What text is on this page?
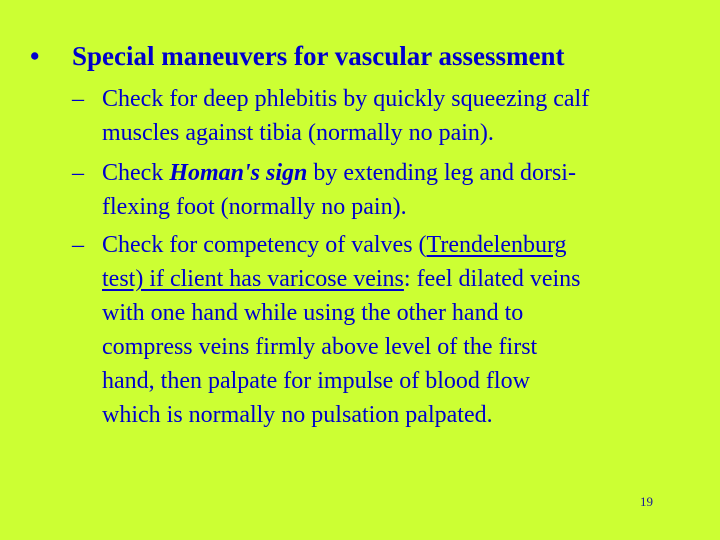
• Special maneuvers for vascular assessment
– Check for deep phlebitis by quickly squeezing calf
muscles against tibia (normally no pain).
– Check Homan's sign by extending leg and dorsi-
flexing foot (normally no pain).
– Check for competency of valves (Trendelenburg
test) if client has varicose veins: feel dilated veins
with one hand while using the other hand to
compress veins firmly above level of the first
hand, then palpate for impulse of blood flow
which is normally no pulsation palpated.
19
